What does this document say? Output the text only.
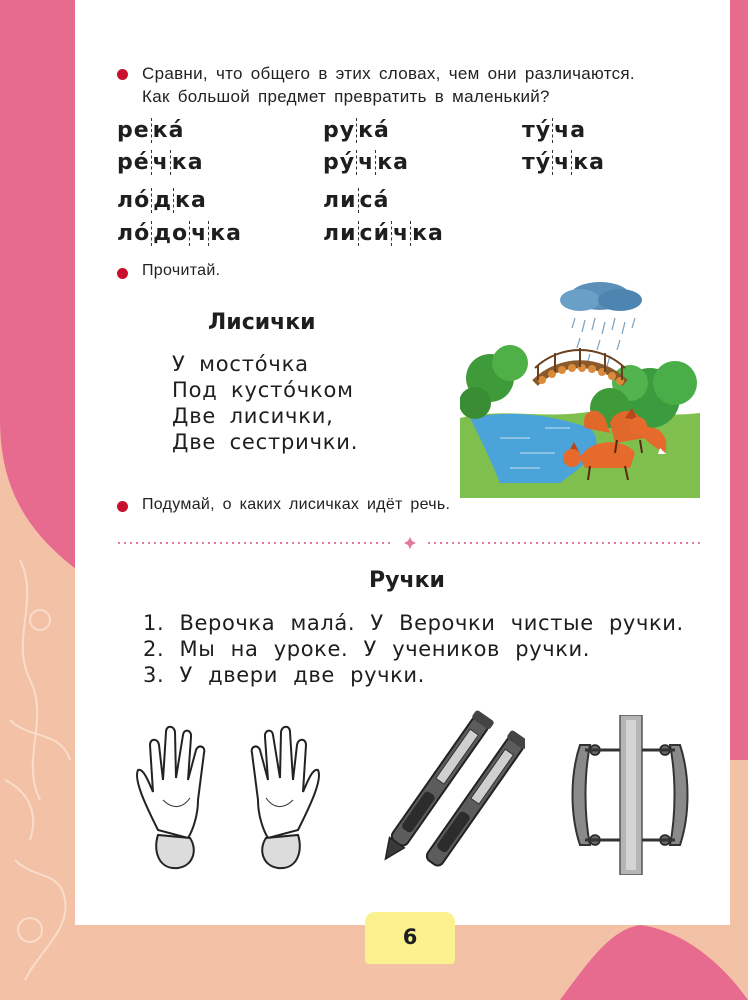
Сравни, что общего в этих словах, чем они различаются.
Как большой предмет превратить в маленький?
ре ка́	ру ка́	ту́ ча
ре́ ч ка	ру́ ч ка	ту́ ч ка
ло́ д ка	ли са́
ло́ до ч ка	ли си́ ч ка
Прочитай.
Лисички
У мосто́чка
Под кусто́чком
Две лисички,
Две сестрички.
Подумай, о каких лисичках идёт речь.
Ручки
1. Верочка мала́. У Верочки чистые ручки.
2. Мы на уроке. У учеников ручки.
3. У двери две ручки.
6
